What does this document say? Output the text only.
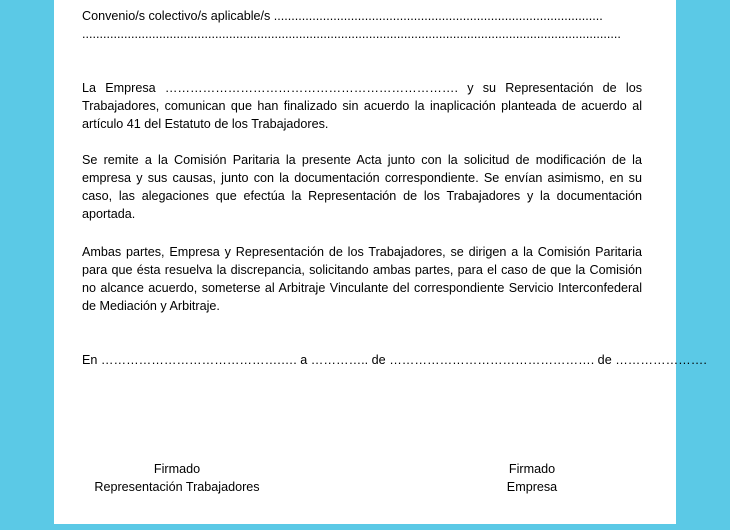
Convenio/s colectivo/s aplicable/s ..............................................................................................
..........................................................................................................................................................
La Empresa ……………………………………………………………. y su Representación de los Trabajadores, comunican que han finalizado sin acuerdo la inaplicación planteada de acuerdo al artículo 41 del Estatuto de los Trabajadores.
Se remite a la Comisión Paritaria la presente Acta junto con la solicitud de modificación de la empresa y sus causas, junto con la documentación correspondiente. Se envían asimismo, en su caso, las alegaciones que efectúa la Representación de los Trabajadores y la documentación aportada.
Ambas partes, Empresa y Representación de los Trabajadores, se dirigen a la Comisión Paritaria para que ésta resuelva la discrepancia, solicitando ambas partes, para el caso de que la Comisión no alcance acuerdo, someterse al Arbitraje Vinculante del correspondiente Servicio Interconfederal de Mediación y Arbitraje.
En …………………………………….…. a ………….. de …………………………………………. de ………………….
Firmado
Representación Trabajadores
Firmado
Empresa
